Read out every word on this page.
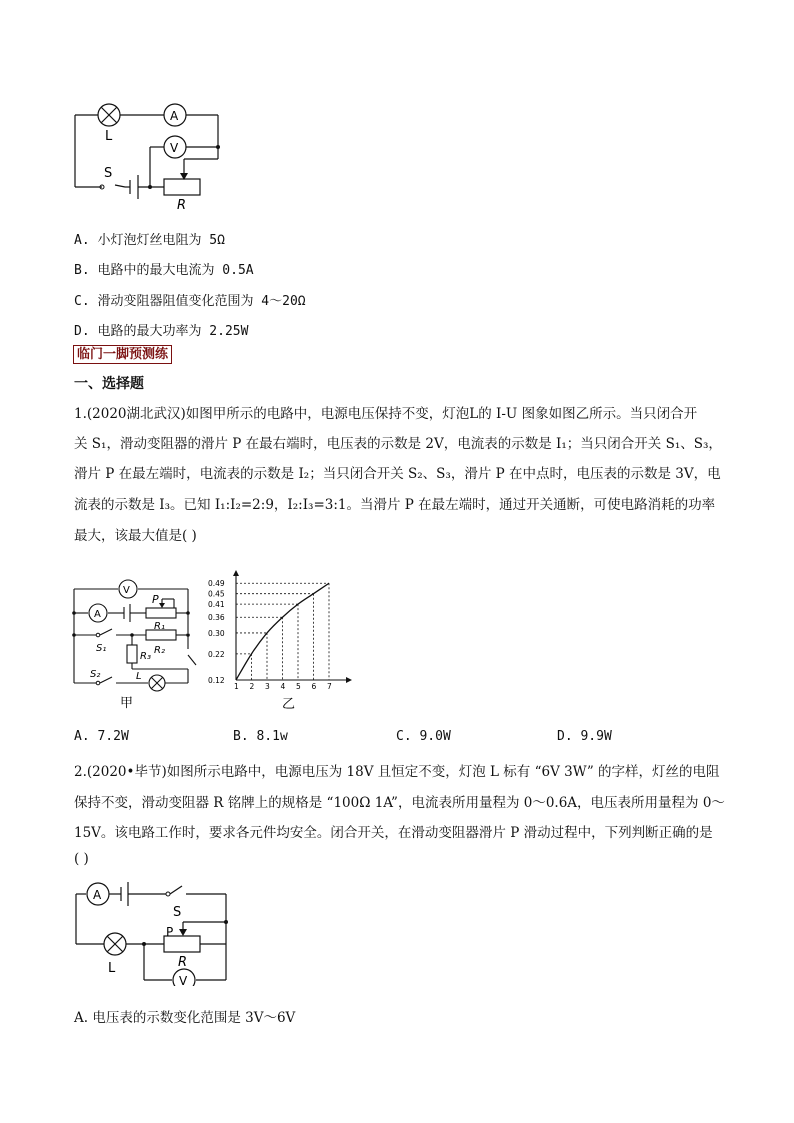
L
A
V
S
R
A. 小灯泡灯丝电阻为 5Ω
B. 电路中的最大电流为 0.5A
C. 滑动变阻器阻值变化范围为 4～20Ω
D. 电路的最大功率为 2.25W
临门一脚预测练
一、选择题
1.(2020湖北武汉)如图甲所示的电路中，电源电压保持不变，灯泡L的 I-U 图象如图乙所示。当只闭合开
关 S₁，滑动变阻器的滑片 P 在最右端时，电压表的示数是 2V，电流表的示数是 I₁；当只闭合开关 S₁、S₃，
滑片 P 在最左端时，电流表的示数是 I₂；当只闭合开关 S₂、S₃，滑片 P 在中点时，电压表的示数是 3V，电
流表的示数是 I₃。已知 I₁:I₂=2:9，I₂:I₃=3:1。当滑片 P 在最左端时，通过开关通断，可使电路消耗的功率
最大，该最大值是( )
V
A
P
R₁
R₂
R₃
S₁
S₂	L
甲
0.12
0.22
0.30
0.36
0.41
0.45
0.49
1 2 3 4 5 6 7
乙
A. 7.2W	B. 8.1w	C. 9.0W	D. 9.9W
2.(2020•毕节)如图所示电路中，电源电压为 18V 且恒定不变，灯泡 L 标有 “6V 3W” 的字样，灯丝的电阻
保持不变，滑动变阻器 R 铭牌上的规格是 “100Ω 1A”，电流表所用量程为 0～0.6A，电压表所用量程为 0～
15V。该电路工作时，要求各元件均安全。闭合开关，在滑动变阻器滑片 P 滑动过程中，下列判断正确的是
( )
A
S
P
R
L
V
A. 电压表的示数变化范围是 3V～6V
